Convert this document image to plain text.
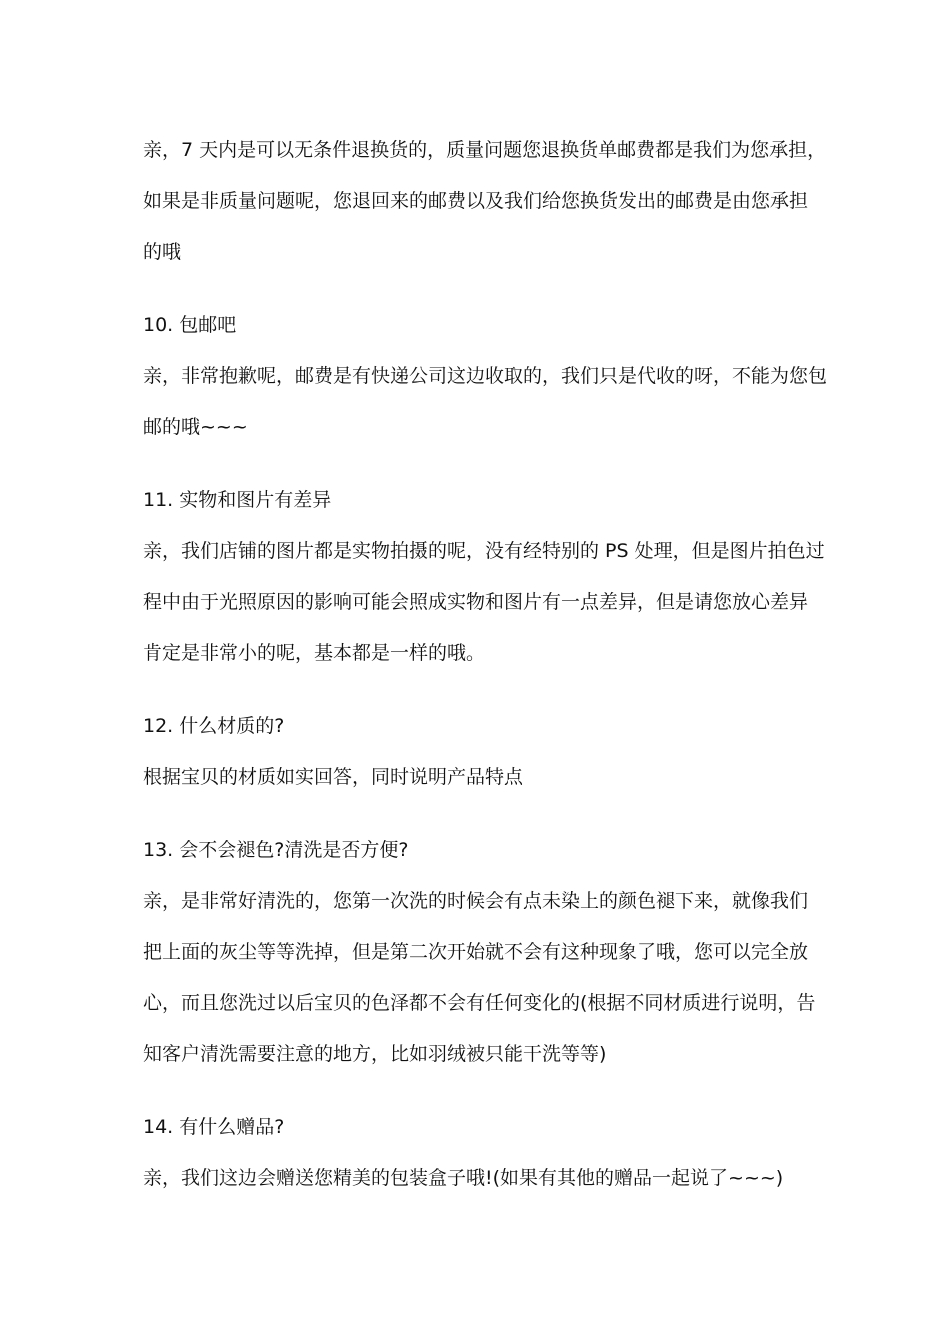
亲，7 天内是可以无条件退换货的，质量问题您退换货单邮费都是我们为您承担，

如果是非质量问题呢，您退回来的邮费以及我们给您换货发出的邮费是由您承担

的哦

10. 包邮吧

亲，非常抱歉呢，邮费是有快递公司这边收取的，我们只是代收的呀，不能为您包

邮的哦~~~

11. 实物和图片有差异

亲，我们店铺的图片都是实物拍摄的呢，没有经特别的 PS 处理，但是图片拍色过

程中由于光照原因的影响可能会照成实物和图片有一点差异，但是请您放心差异

肯定是非常小的呢，基本都是一样的哦。

12. 什么材质的?

根据宝贝的材质如实回答，同时说明产品特点

13. 会不会褪色?清洗是否方便?

亲，是非常好清洗的，您第一次洗的时候会有点未染上的颜色褪下来，就像我们

把上面的灰尘等等洗掉，但是第二次开始就不会有这种现象了哦，您可以完全放

心，而且您洗过以后宝贝的色泽都不会有任何变化的(根据不同材质进行说明，告

知客户清洗需要注意的地方，比如羽绒被只能干洗等等)

14. 有什么赠品?

亲，我们这边会赠送您精美的包装盒子哦!(如果有其他的赠品一起说了~~~)
